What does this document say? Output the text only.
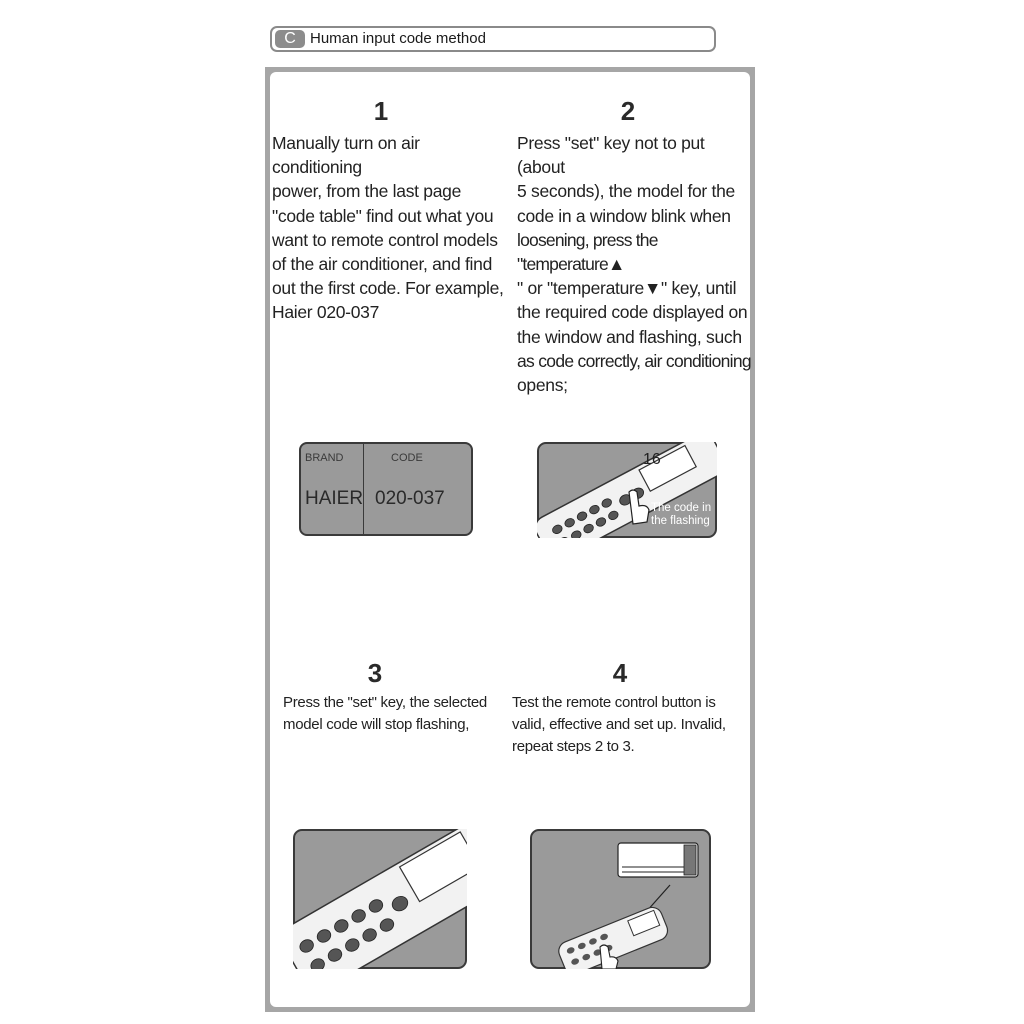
C Human input code method
1
Manually turn on air conditioning
power, from the last page
"code table" find out what you
want to remote control models
of the air conditioner, and find
out the first code. For example,
Haier 020-037
2
Press "set" key not to put (about
5 seconds), the model for the
code in a window blink when
loosening, press the "temperature▲
" or "temperature▼" key, until
the required code displayed on
the window and flashing, such
as code correctly, air conditioning
opens;
BRAND	CODE
HAIER 020-037
16
The code in
the flashing
3
Press the "set" key, the selected
model code will stop flashing,
4
Test the remote control button is
valid, effective and set up. Invalid,
repeat steps 2 to 3.
